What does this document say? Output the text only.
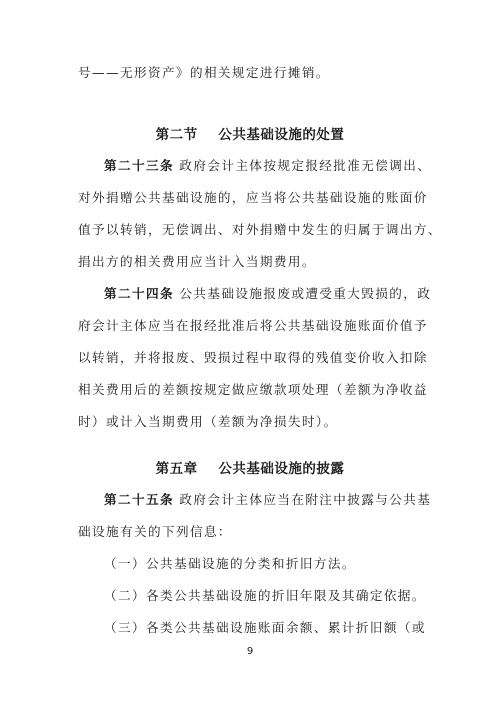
号——无形资产》的相关规定进行摊销。
第二节    公共基础设施的处置
第二十三条 政府会计主体按规定报经批准无偿调出、
对外捐赠公共基础设施的，应当将公共基础设施的账面价
值予以转销，无偿调出、对外捐赠中发生的归属于调出方、
捐出方的相关费用应当计入当期费用。
第二十四条 公共基础设施报废或遭受重大毁损的，政
府会计主体应当在报经批准后将公共基础设施账面价值予
以转销，并将报废、毁损过程中取得的残值变价收入扣除
相关费用后的差额按规定做应缴款项处理（差额为净收益
时）或计入当期费用（差额为净损失时）。
第五章    公共基础设施的披露
第二十五条 政府会计主体应当在附注中披露与公共基
础设施有关的下列信息：
（一）公共基础设施的分类和折旧方法。
（二）各类公共基础设施的折旧年限及其确定依据。
（三）各类公共基础设施账面余额、累计折旧额（或
9
